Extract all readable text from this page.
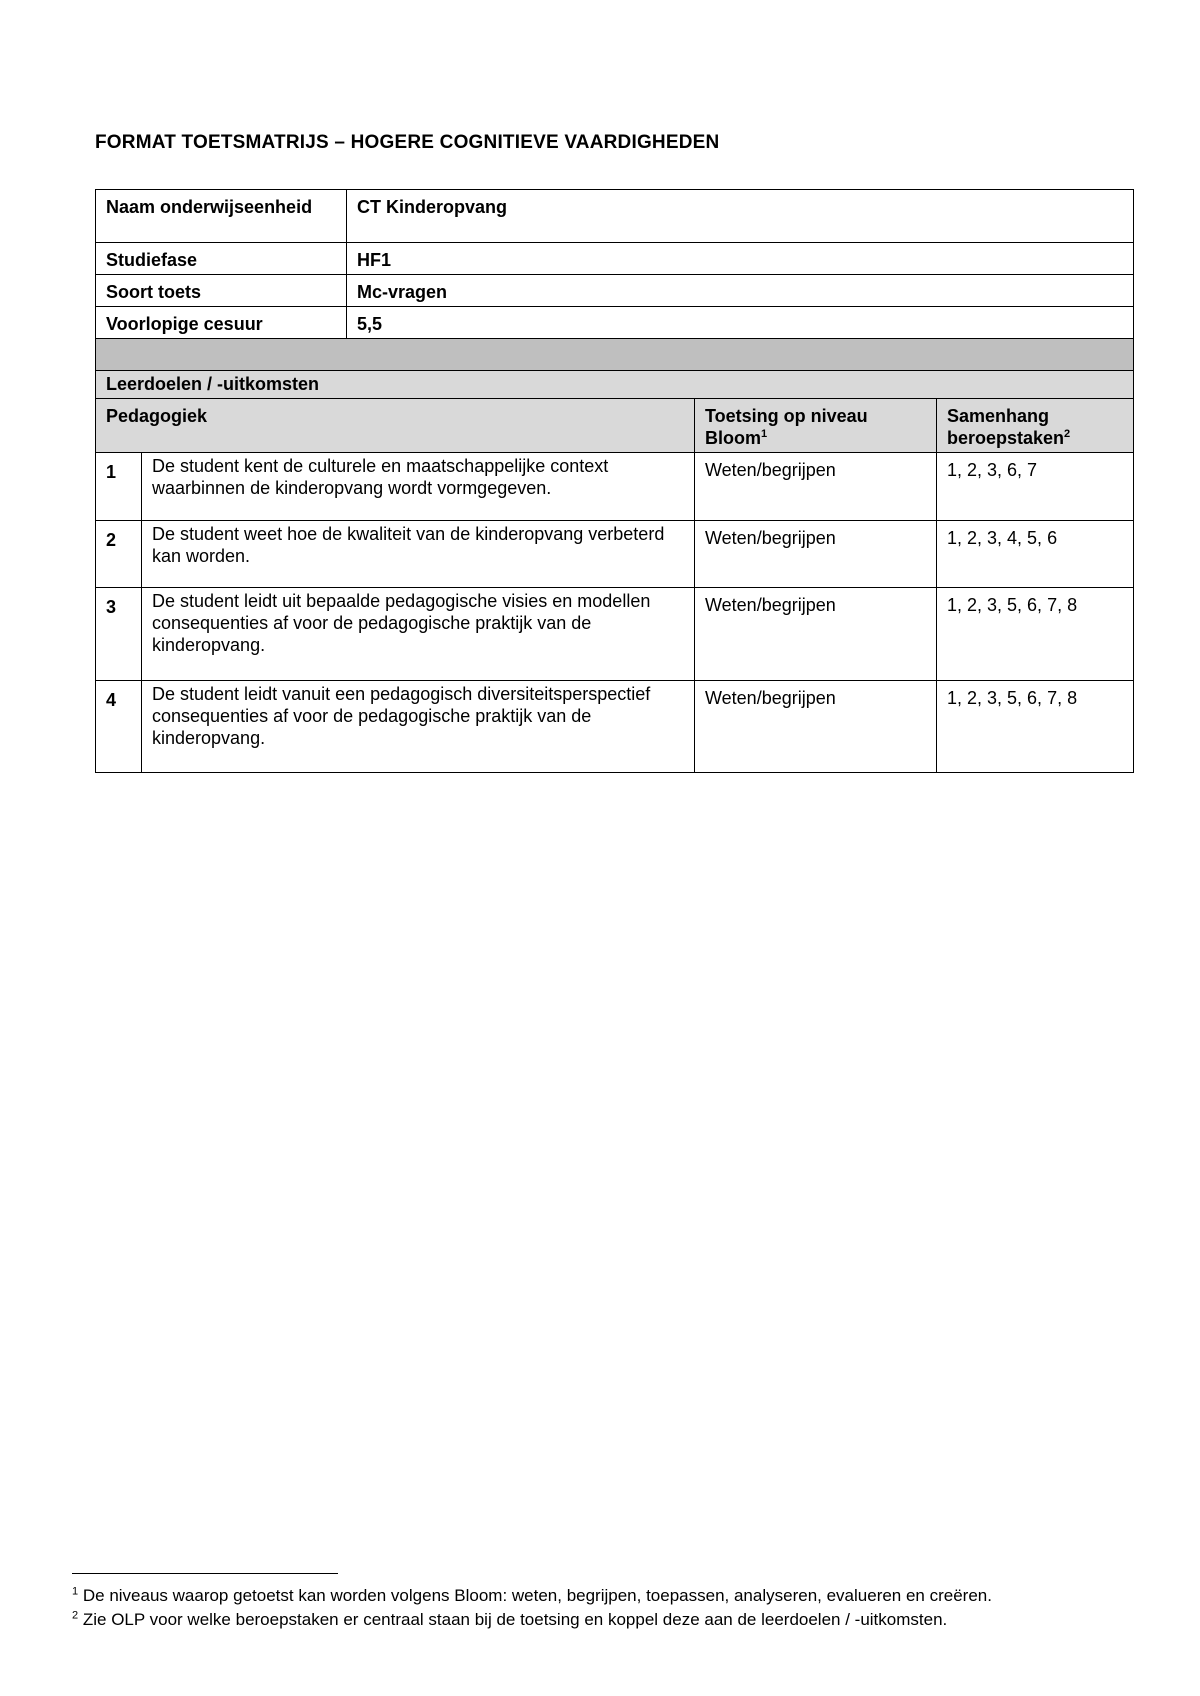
FORMAT TOETSMATRIJS – HOGERE COGNITIEVE VAARDIGHEDEN
Naam onderwijseenheid		CT Kinderopvang		
Studiefase		HF1		
Soort toets		Mc-vragen		
Voorlopige cesuur		5,5		

Leerdoelen / -uitkomsten				
Pedagogiek			Toetsing op niveau Bloom$^1$	Samenhang beroepstaken$^2$
1	De student kent de culturele en maatschappelijke context waarbinnen de kinderopvang wordt vormgegeven.		Weten/begrijpen	1, 2, 3, 6, 7
2	De student weet hoe de kwaliteit van de kinderopvang verbeterd kan worden.		Weten/begrijpen	1, 2, 3, 4, 5, 6
3	De student leidt uit bepaalde pedagogische visies en modellen consequenties af voor de pedagogische praktijk van de kinderopvang.		Weten/begrijpen	1, 2, 3, 5, 6, 7, 8
4	De student leidt vanuit een pedagogisch diversiteitsperspectief consequenties af voor de pedagogische praktijk van de kinderopvang.		Weten/begrijpen	1, 2, 3, 5, 6, 7, 8
$^1$ De niveaus waarop getoetst kan worden volgens Bloom: weten, begrijpen, toepassen, analyseren, evalueren en creëren.
$^2$ Zie OLP voor welke beroepstaken er centraal staan bij de toetsing en koppel deze aan de leerdoelen / -uitkomsten.
